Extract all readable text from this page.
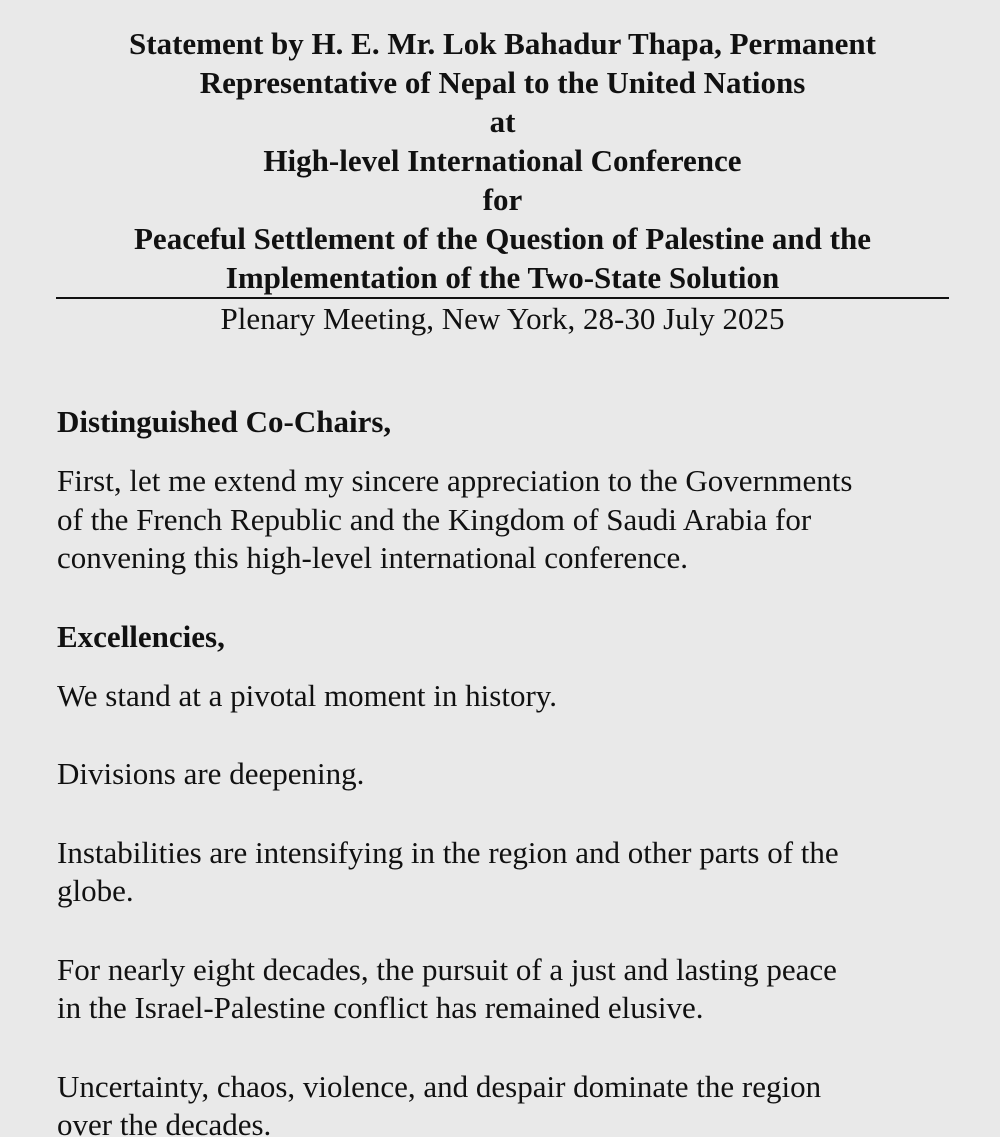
Statement by H. E. Mr. Lok Bahadur Thapa, Permanent
Representative of Nepal to the United Nations
at
High-level International Conference
for
Peaceful Settlement of the Question of Palestine and the
Implementation of the Two-State Solution
Plenary Meeting, New York, 28-30 July 2025
Distinguished Co-Chairs,

First, let me extend my sincere appreciation to the Governments
of the French Republic and the Kingdom of Saudi Arabia for
convening this high-level international conference.

Excellencies,

We stand at a pivotal moment in history.

Divisions are deepening.

Instabilities are intensifying in the region and other parts of the
globe.

For nearly eight decades, the pursuit of a just and lasting peace
in the Israel-Palestine conflict has remained elusive.

Uncertainty, chaos, violence, and despair dominate the region
over the decades.
